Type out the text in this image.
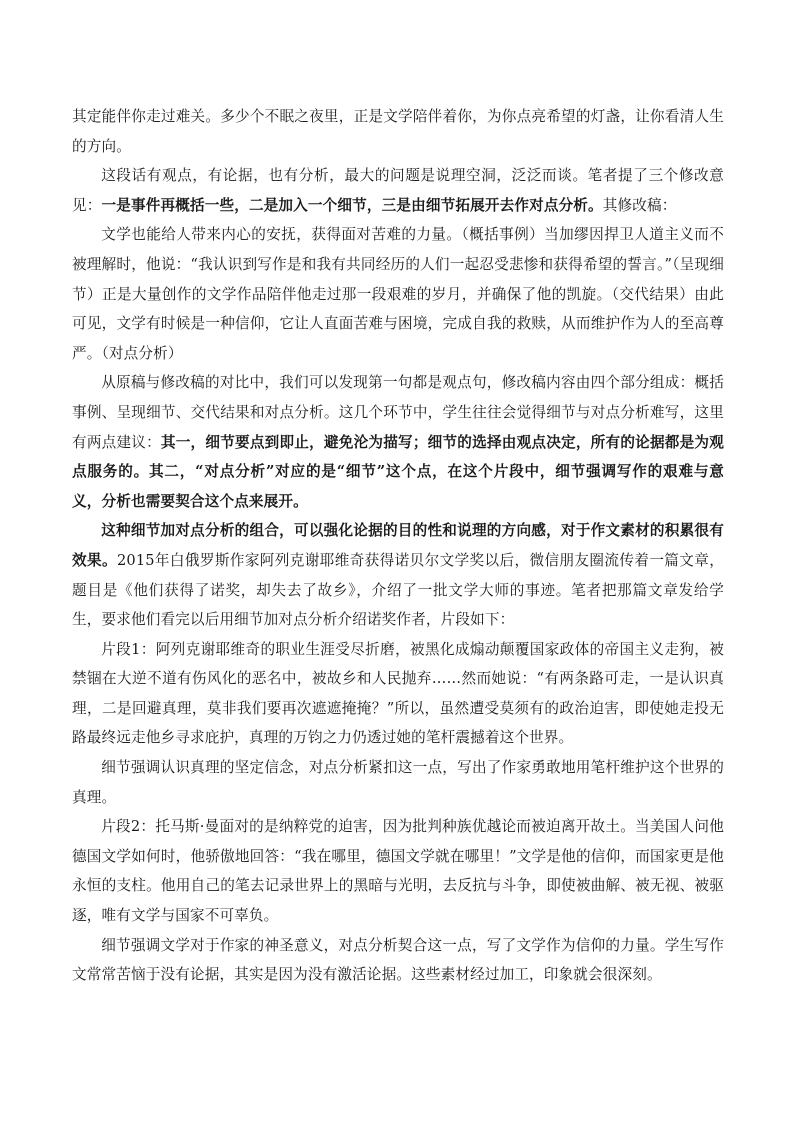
其定能伴你走过难关。多少个不眠之夜里，正是文学陪伴着你，为你点亮希望的灯盏，让你看清人生的方向。

这段话有观点，有论据，也有分析，最大的问题是说理空洞，泛泛而谈。笔者提了三个修改意见：一是事件再概括一些，二是加入一个细节，三是由细节拓展开去作对点分析。其修改稿：

文学也能给人带来内心的安抚，获得面对苦难的力量。（概括事例）当加缪因捍卫人道主义而不被理解时，他说：“我认识到写作是和我有共同经历的人们一起忍受悲惨和获得希望的誓言。”（呈现细节）正是大量创作的文学作品陪伴他走过那一段艰难的岁月，并确保了他的凯旋。（交代结果）由此可见，文学有时候是一种信仰，它让人直面苦难与困境，完成自我的救赎，从而维护作为人的至高尊严。（对点分析）

从原稿与修改稿的对比中，我们可以发现第一句都是观点句，修改稿内容由四个部分组成：概括事例、呈现细节、交代结果和对点分析。这几个环节中，学生往往会觉得细节与对点分析难写，这里有两点建议：其一，细节要点到即止，避免沦为描写；细节的选择由观点决定，所有的论据都是为观点服务的。其二，“对点分析”对应的是“细节”这个点，在这个片段中，细节强调写作的艰难与意义，分析也需要契合这个点来展开。

这种细节加对点分析的组合，可以强化论据的目的性和说理的方向感，对于作文素材的积累很有效果。2015年白俄罗斯作家阿列克谢耶维奇获得诺贝尔文学奖以后，微信朋友圈流传着一篇文章，题目是《他们获得了诺奖，却失去了故乡》，介绍了一批文学大师的事迹。笔者把那篇文章发给学生，要求他们看完以后用细节加对点分析介绍诺奖作者，片段如下：

片段1：阿列克谢耶维奇的职业生涯受尽折磨，被黑化成煽动颠覆国家政体的帝国主义走狗，被禁锢在大逆不道有伤风化的恶名中，被故乡和人民抛弃……然而她说：“有两条路可走，一是认识真理，二是回避真理，莫非我们要再次遮遮掩掩？”所以，虽然遭受莫须有的政治迫害，即使她走投无路最终远走他乡寻求庇护，真理的万钧之力仍透过她的笔杆震撼着这个世界。

细节强调认识真理的坚定信念，对点分析紧扣这一点，写出了作家勇敢地用笔杆维护这个世界的真理。

片段2：托马斯·曼面对的是纳粹党的迫害，因为批判种族优越论而被迫离开故土。当美国人问他德国文学如何时，他骄傲地回答：“我在哪里，德国文学就在哪里！”文学是他的信仰，而国家更是他永恒的支柱。他用自己的笔去记录世界上的黑暗与光明，去反抗与斗争，即使被曲解、被无视、被驱逐，唯有文学与国家不可辜负。

细节强调文学对于作家的神圣意义，对点分析契合这一点，写了文学作为信仰的力量。学生写作文常常苦恼于没有论据，其实是因为没有激活论据。这些素材经过加工，印象就会很深刻。
